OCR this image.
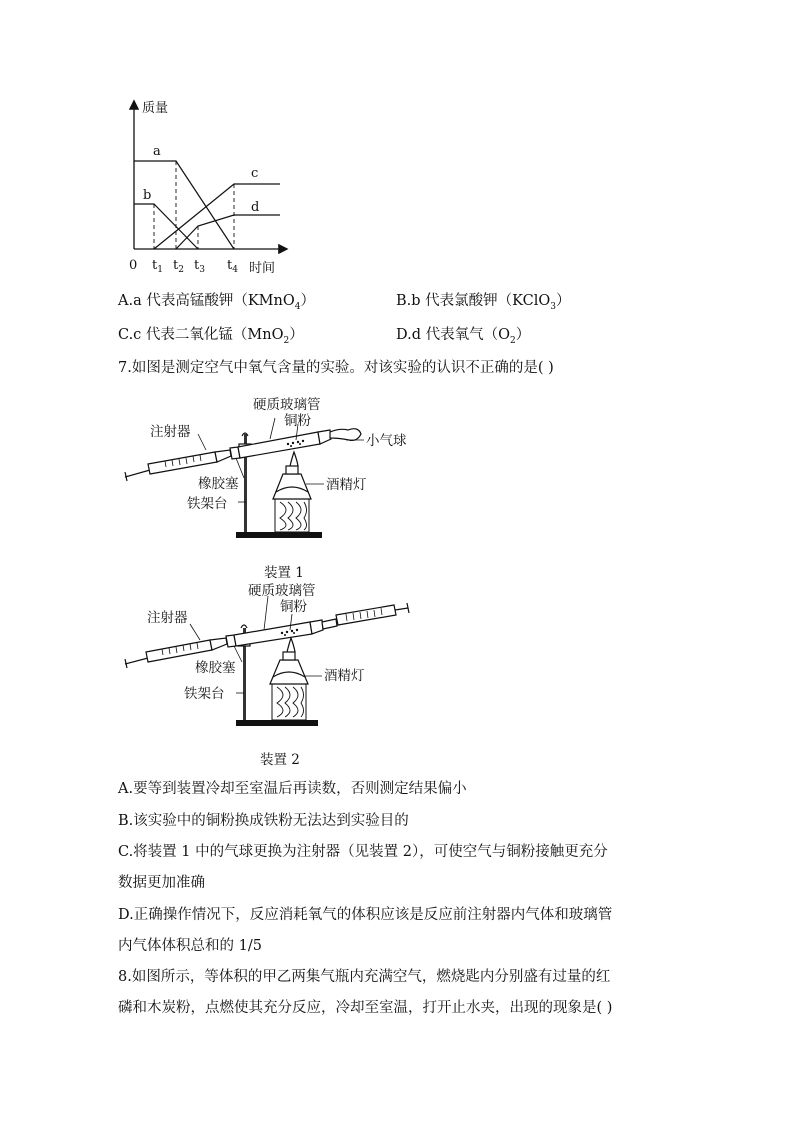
质量
时间
0 $t_1$ $t_2$ $t_3$ $t_4$
a
b
c
d
A.a 代表高锰酸钾（KMnO$_4$）	B.b 代表氯酸钾（KClO$_3$）
C.c 代表二氧化锰（MnO$_2$）	D.d 代表氧气$(O_2)$
7.如图是测定空气中氧气含量的实验。对该实验的认识不正确的是( )
注射器
硬质玻璃管
铜粉
小气球
橡胶塞	酒精灯
铁架台
装置 1
注射器
硬质玻璃管
铜粉
橡胶塞	酒精灯
铁架台
装置 2
A.要等到装置冷却至室温后再读数，否则测定结果偏小
B.该实验中的铜粉换成铁粉无法达到实验目的
C.将装置 1 中的气球更换为注射器（见装置 2），可使空气与铜粉接触更充分
数据更加准确
D.正确操作情况下，反应消耗氧气的体积应该是反应前注射器内气体和玻璃管
内气体体积总和的 1/5
8.如图所示，等体积的甲乙两集气瓶内充满空气，燃烧匙内分别盛有过量的红
磷和木炭粉，点燃使其充分反应，冷却至室温，打开止水夹，出现的现象是( )
